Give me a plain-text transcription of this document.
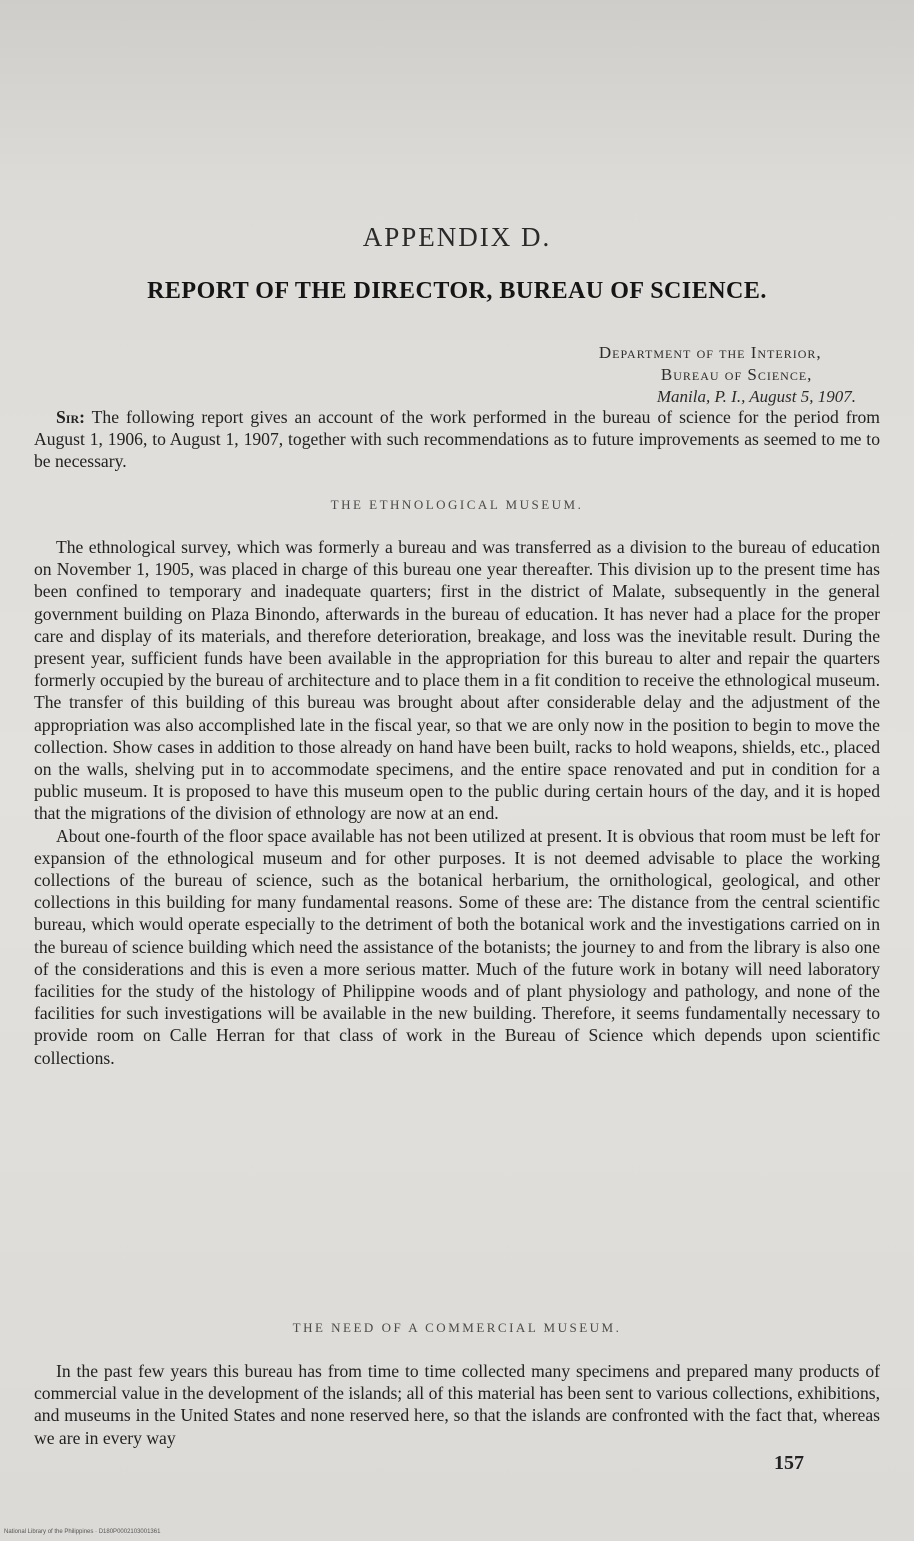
APPENDIX D.
REPORT OF THE DIRECTOR, BUREAU OF SCIENCE.
Department of the Interior,
Bureau of Science,
Manila, P. I., August 5, 1907.

Sir: The following report gives an account of the work performed in the bureau of science for the period from August 1, 1906, to August 1, 1907, together with such recommendations as to future improvements as seemed to me to be necessary.

THE ETHNOLOGICAL MUSEUM.

The ethnological survey, which was formerly a bureau and was transferred as a division to the bureau of education on November 1, 1905, was placed in charge of this bureau one year thereafter. This division up to the present time has been confined to temporary and inadequate quarters; first in the district of Malate, subsequently in the general government building on Plaza Binondo, afterwards in the bureau of education. It has never had a place for the proper care and display of its materials, and therefore deterioration, breakage, and loss was the inevitable result. During the present year, sufficient funds have been available in the appropriation for this bureau to alter and repair the quarters formerly occupied by the bureau of architecture and to place them in a fit condition to receive the ethnological museum. The transfer of this building of this bureau was brought about after considerable delay and the adjustment of the appropriation was also accomplished late in the fiscal year, so that we are only now in the position to begin to move the collection. Show cases in addition to those already on hand have been built, racks to hold weapons, shields, etc., placed on the walls, shelving put in to accommodate specimens, and the entire space renovated and put in condition for a public museum. It is proposed to have this museum open to the public during certain hours of the day, and it is hoped that the migrations of the division of ethnology are now at an end.

About one-fourth of the floor space available has not been utilized at present. It is obvious that room must be left for expansion of the ethnological museum and for other purposes. It is not deemed advisable to place the working collections of the bureau of science, such as the botanical herbarium, the ornithological, geological, and other collections in this building for many fundamental reasons. Some of these are: The distance from the central scientific bureau, which would operate especially to the detriment of both the botanical work and the investigations carried on in the bureau of science building which need the assistance of the botanists; the journey to and from the library is also one of the considerations and this is even a more serious matter. Much of the future work in botany will need laboratory facilities for the study of the histology of Philippine woods and of plant physiology and pathology, and none of the facilities for such investigations will be available in the new building. Therefore, it seems fundamentally necessary to provide room on Calle Herran for that class of work in the Bureau of Science which depends upon scientific collections.

THE NEED OF A COMMERCIAL MUSEUM.

In the past few years this bureau has from time to time collected many specimens and prepared many products of commercial value in the development of the islands; all of this material has been sent to various collections, exhibitions, and museums in the United States and none reserved here, so that the islands are confronted with the fact that, whereas we are in every way

157
National Library of the Philippines · D180P0002103001361
